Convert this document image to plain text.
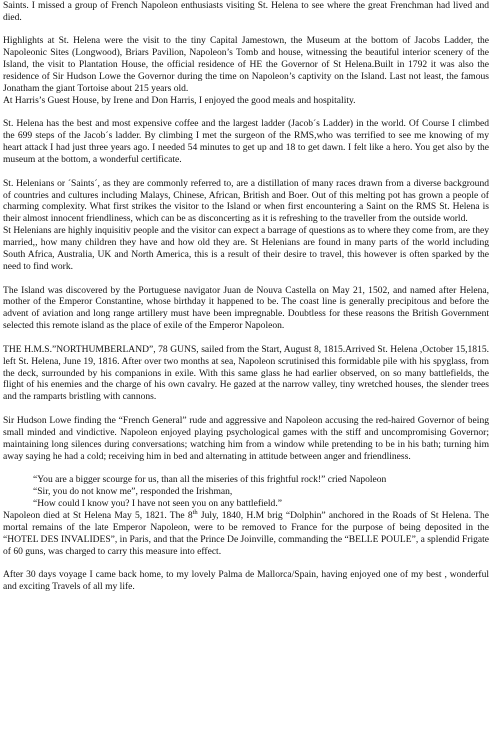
Saints. I missed a group of French Napoleon enthusiasts visiting St. Helena to see where the great Frenchman had lived and died.

Highlights at St. Helena were the visit to the tiny Capital Jamestown, the Museum at the bottom of Jacobs Ladder, the Napoleonic Sites (Longwood), Briars Pavilion, Napoleon’s Tomb and house, witnessing the beautiful interior scenery of the Island, the visit to Plantation House, the official residence of HE the Governor of St Helena.Built in 1792 it was also the residence of Sir Hudson Lowe the Governor during the time on Napoleon’s captivity on the Island. Last not least, the famous Jonatham the giant Tortoise about 215 years old.

At Harris’s Guest House, by Irene and Don Harris, I enjoyed the good meals and hospitality.

St. Helena has the best and most expensive coffee and the largest ladder (Jacob´s Ladder) in the world. Of Course I climbed the 699 steps of the Jacob´s ladder. By climbing I met the surgeon of the RMS,who was terrified to see me knowing of my heart attack I had just three years ago. I needed 54 minutes to get up and 18 to get dawn. I felt like a hero. You get also by the museum at the bottom, a wonderful certificate.

St. Helenians or ´Saints´, as they are commonly referred to, are a distillation of many races drawn from a diverse background of countries and cultures including Malays, Chinese, African, British and Boer. Out of this melting pot has grown a people of charming complexity. What first strikes the visitor to the Island or when first encountering a Saint on the RMS St. Helena is their almost innocent friendliness, which can be as disconcerting as it is refreshing to the traveller from the outside world.

St Helenians are highly inquisitiv people and the visitor can expect a barrage of questions as to where they come from, are they married,, how many children they have and how old they are. St Helenians are found in many parts of the world including South Africa, Australia, UK and North America, this is a result of their desire to travel, this however is often sparked by the need to find work.

The Island was discovered by the Portuguese navigator Juan de Nouva Castella on May 21, 1502, and named after Helena, mother of the Emperor Constantine, whose birthday it happened to be. The coast line is generally precipitous and before the advent of aviation and long range artillery must have been impregnable. Doubtless for these reasons the British Government selected this remote island as the place of exile of the Emperor Napoleon.

THE H.M.S.”NORTHUMBERLAND”, 78 GUNS, sailed from the Start, August 8, 1815.Arrived St. Helena ,October 15,1815. left St. Helena, June 19, 1816. After over two months at sea, Napoleon scrutinised this formidable pile with his spyglass, from the deck, surrounded by his companions in exile. With this same glass he had earlier observed, on so many battlefields, the flight of his enemies and the charge of his own cavalry. He gazed at the narrow valley, tiny wretched houses, the slender trees and the ramparts bristling with cannons.

Sir Hudson Lowe finding the “French General” rude and aggressive and Napoleon accusing the red-haired Governor of being small minded and vindictive. Napoleon enjoyed playing psychological games with the stiff and uncompromising Governor; maintaining long silences during conversations; watching him from a window while pretending to be in his bath; turning him away saying he had a cold; receiving him in bed and alternating in attitude between anger and friendliness.

“You are a bigger scourge for us, than all the miseries of this frightful rock!” cried Napoleon

“Sir, you do not know me”, responded the Irishman,

“How could I know you? I have not seen you on any battlefield.”

Napoleon died at St Helena May 5, 1821. The 8th July, 1840, H.M brig “Dolphin” anchored in the Roads of St Helena. The mortal remains of the late Emperor Napoleon, were to be removed to France for the purpose of being deposited in the “HOTEL DES INVALIDES”, in Paris, and that the Prince De Joinville, commanding the “BELLE POULE”, a splendid Frigate of 60 guns, was charged to carry this measure into effect.

After 30 days voyage I came back home, to my lovely Palma de Mallorca/Spain, having enjoyed one of my best , wonderful and exciting Travels of all my life.
